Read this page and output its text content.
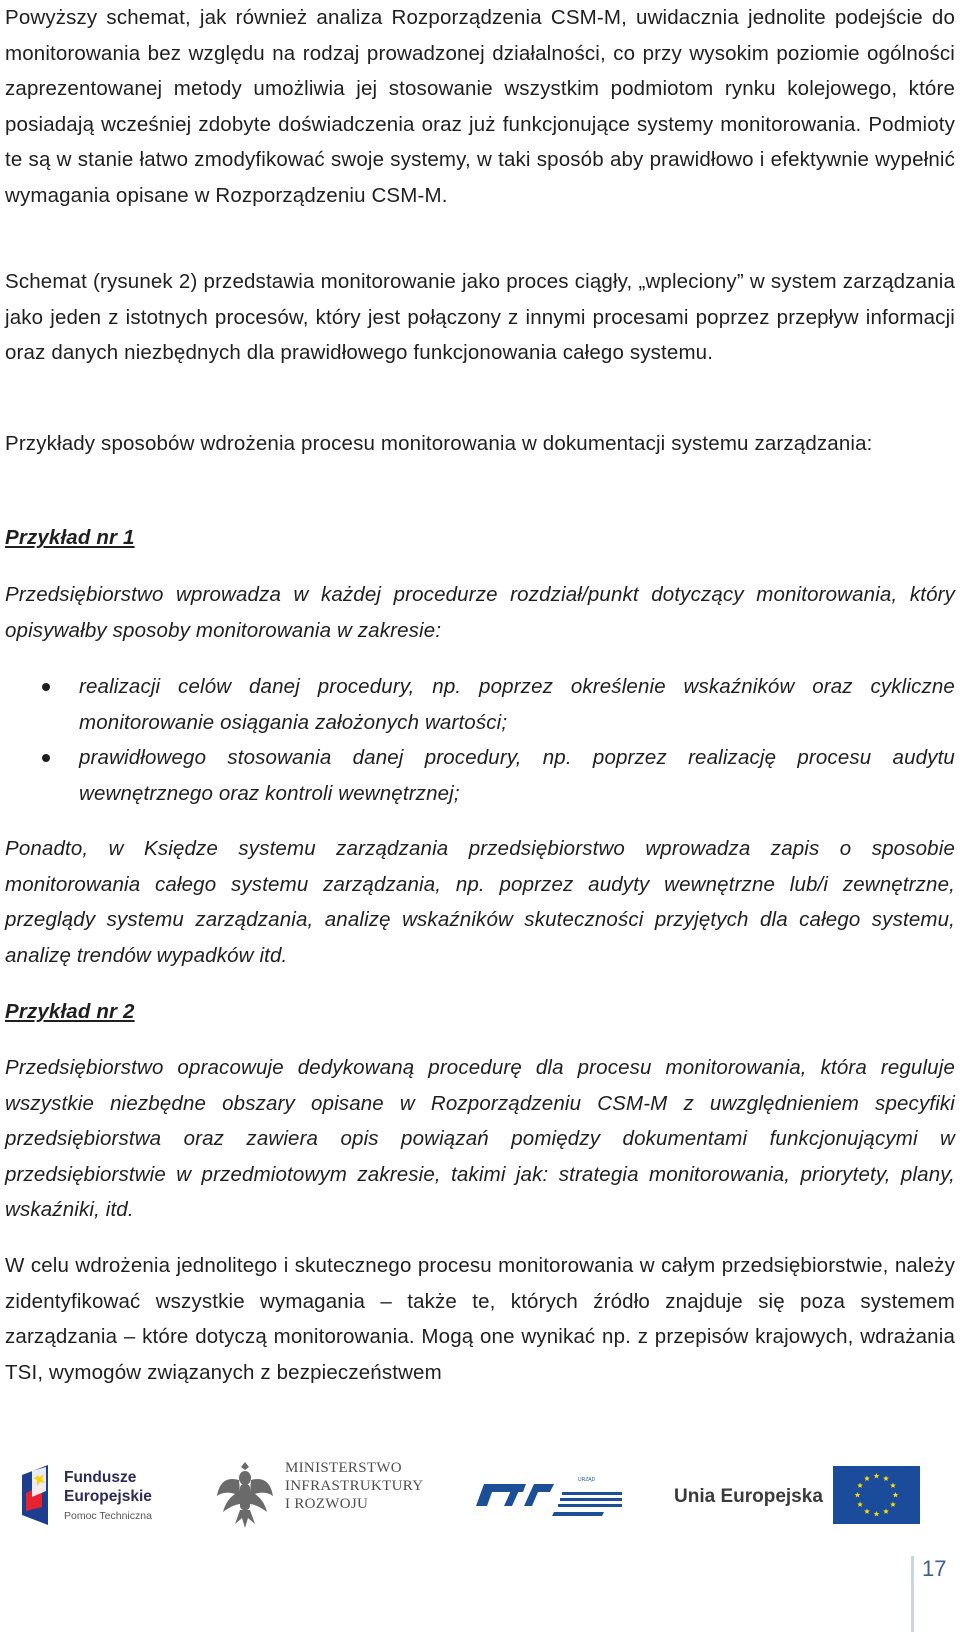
Powyższy schemat, jak również analiza Rozporządzenia CSM-M, uwidacznia jednolite podejście do monitorowania bez względu na rodzaj prowadzonej działalności, co przy wysokim poziomie ogólności zaprezentowanej metody umożliwia jej stosowanie wszystkim podmiotom rynku kolejowego, które posiadają wcześniej zdobyte doświadczenia oraz już funkcjonujące systemy monitorowania. Podmioty te są w stanie łatwo zmodyfikować swoje systemy, w taki sposób aby prawidłowo i efektywnie wypełnić wymagania opisane w Rozporządzeniu CSM-M.

Schemat (rysunek 2) przedstawia monitorowanie jako proces ciągły, „wpleciony” w system zarządzania jako jeden z istotnych procesów, który jest połączony z innymi procesami poprzez przepływ informacji oraz danych niezbędnych dla prawidłowego funkcjonowania całego systemu.

Przykłady sposobów wdrożenia procesu monitorowania w dokumentacji systemu zarządzania:

Przykład nr 1

Przedsiębiorstwo wprowadza w każdej procedurze rozdział/punkt dotyczący monitorowania, który opisywałby sposoby monitorowania w zakresie:

realizacji celów danej procedury, np. poprzez określenie wskaźników oraz cykliczne monitorowanie osiągania założonych wartości;
prawidłowego stosowania danej procedury, np. poprzez realizację procesu audytu wewnętrznego oraz kontroli wewnętrznej;

Ponadto, w Księdze systemu zarządzania przedsiębiorstwo wprowadza zapis o sposobie monitorowania całego systemu zarządzania, np. poprzez audyty wewnętrzne lub/i zewnętrzne, przeglądy systemu zarządzania, analizę wskaźników skuteczności przyjętych dla całego systemu, analizę trendów wypadków itd.

Przykład nr 2

Przedsiębiorstwo opracowuje dedykowaną procedurę dla procesu monitorowania, która reguluje wszystkie niezbędne obszary opisane w Rozporządzeniu CSM-M z uwzględnieniem specyfiki przedsiębiorstwa oraz zawiera opis powiązań pomiędzy dokumentami funkcjonującymi w przedsiębiorstwie w przedmiotowym zakresie, takimi jak: strategia monitorowania, priorytety, plany, wskaźniki, itd.

W celu wdrożenia jednolitego i skutecznego procesu monitorowania w całym przedsiębiorstwie, należy zidentyfikować wszystkie wymagania – także te, których źródło znajduje się poza systemem zarządzania – które dotyczą monitorowania. Mogą one wynikać np. z przepisów krajowych, wdrażania TSI, wymogów związanych z bezpieczeństwem

Fundusze
Europejskie
Pomoc Techniczna
MINISTERSTWO
INFRASTRUKTURY
I ROZWOJU
URZĄD
Unia Europejska
17
